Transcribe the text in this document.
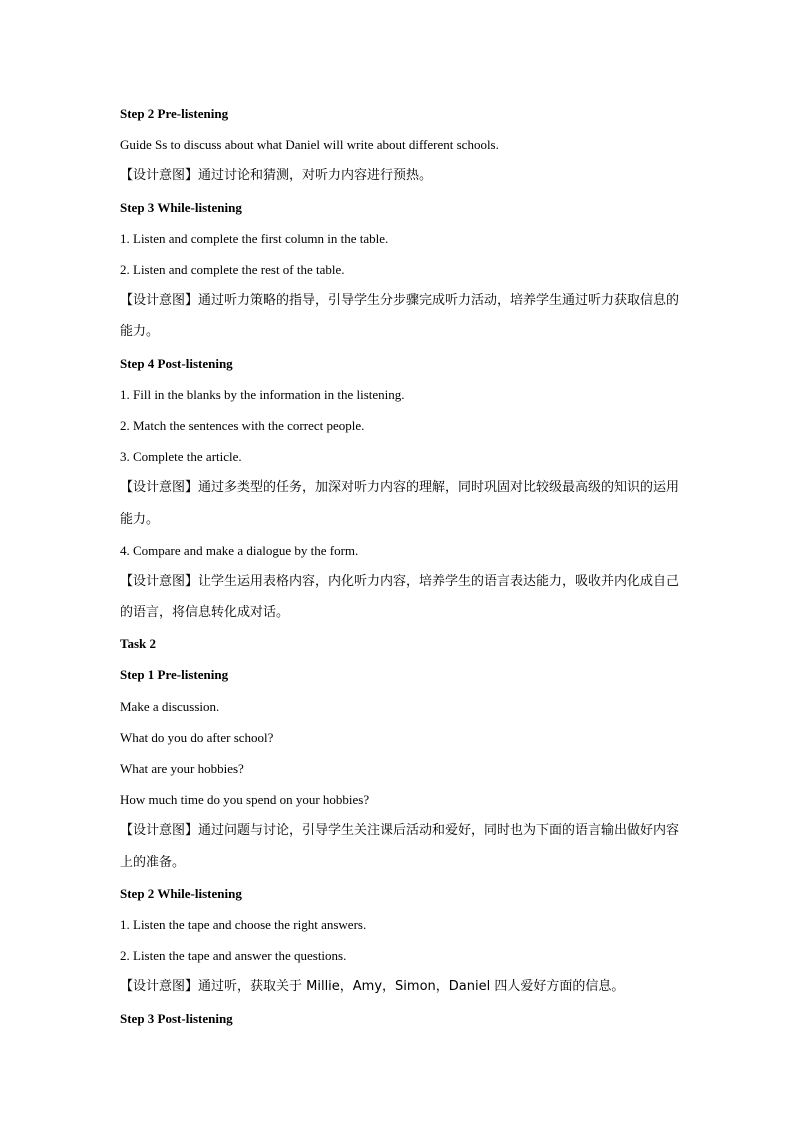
Step 2 Pre-listening
Guide Ss to discuss about what Daniel will write about different schools.
【设计意图】通过讨论和猜测，对听力内容进行预热。
Step 3 While-listening
1. Listen and complete the first column in the table.
2. Listen and complete the rest of the table.
【设计意图】通过听力策略的指导，引导学生分步骤完成听力活动，培养学生通过听力获取信息的能力。
Step 4 Post-listening
1. Fill in the blanks by the information in the listening.
2. Match the sentences with the correct people.
3. Complete the article.
【设计意图】通过多类型的任务，加深对听力内容的理解，同时巩固对比较级最高级的知识的运用能力。
4. Compare and make a dialogue by the form.
【设计意图】让学生运用表格内容，内化听力内容，培养学生的语言表达能力，吸收并内化成自己的语言，将信息转化成对话。
Task 2
Step 1 Pre-listening
Make a discussion.
What do you do after school?
What are your hobbies?
How much time do you spend on your hobbies?
【设计意图】通过问题与讨论，引导学生关注课后活动和爱好，同时也为下面的语言输出做好内容上的准备。
Step 2 While-listening
1. Listen the tape and choose the right answers.
2. Listen the tape and answer the questions.
【设计意图】通过听，获取关于 Millie，Amy，Simon，Daniel 四人爱好方面的信息。
Step 3 Post-listening
